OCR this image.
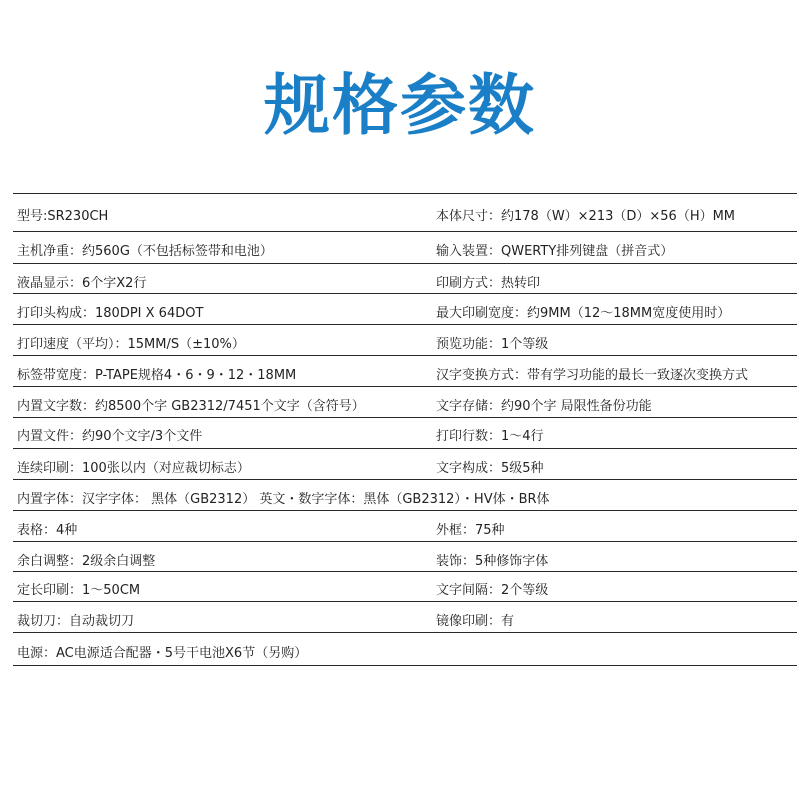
规格参数
型号:SR230CH	本体尺寸：约178（W）×213（D）×56（H）MM
主机净重：约560G（不包括标签带和电池）	输入装置：QWERTY排列键盘（拼音式）
液晶显示：6个字X2行	印刷方式：热转印
打印头构成：180DPI X 64DOT	最大印刷宽度：约9MM（12～18MM宽度使用时）
打印速度（平均）：15MM/S（±10%）	预览功能：1个等级
标签带宽度：P-TAPE规格4・6・9・12・18MM	汉字变换方式：带有学习功能的最长一致逐次变换方式
内置文字数：约8500个字 GB2312/7451个文字（含符号）	文字存储：约90个字 局限性备份功能
内置文件：约90个文字/3个文件	打印行数：1～4行
连续印刷：100张以内（对应裁切标志）	文字构成：5级5种
内置字体：汉字字体： 黑体（GB2312） 英文・数字字体：黑体（GB2312）・HV体・BR体
表格：4种	外框：75种
余白调整：2级余白调整	装饰：5种修饰字体
定长印刷：1～50CM	文字间隔：2个等级
裁切刀：自动裁切刀	镜像印刷：有
电源：AC电源适合配器・5号干电池X6节（另购）
